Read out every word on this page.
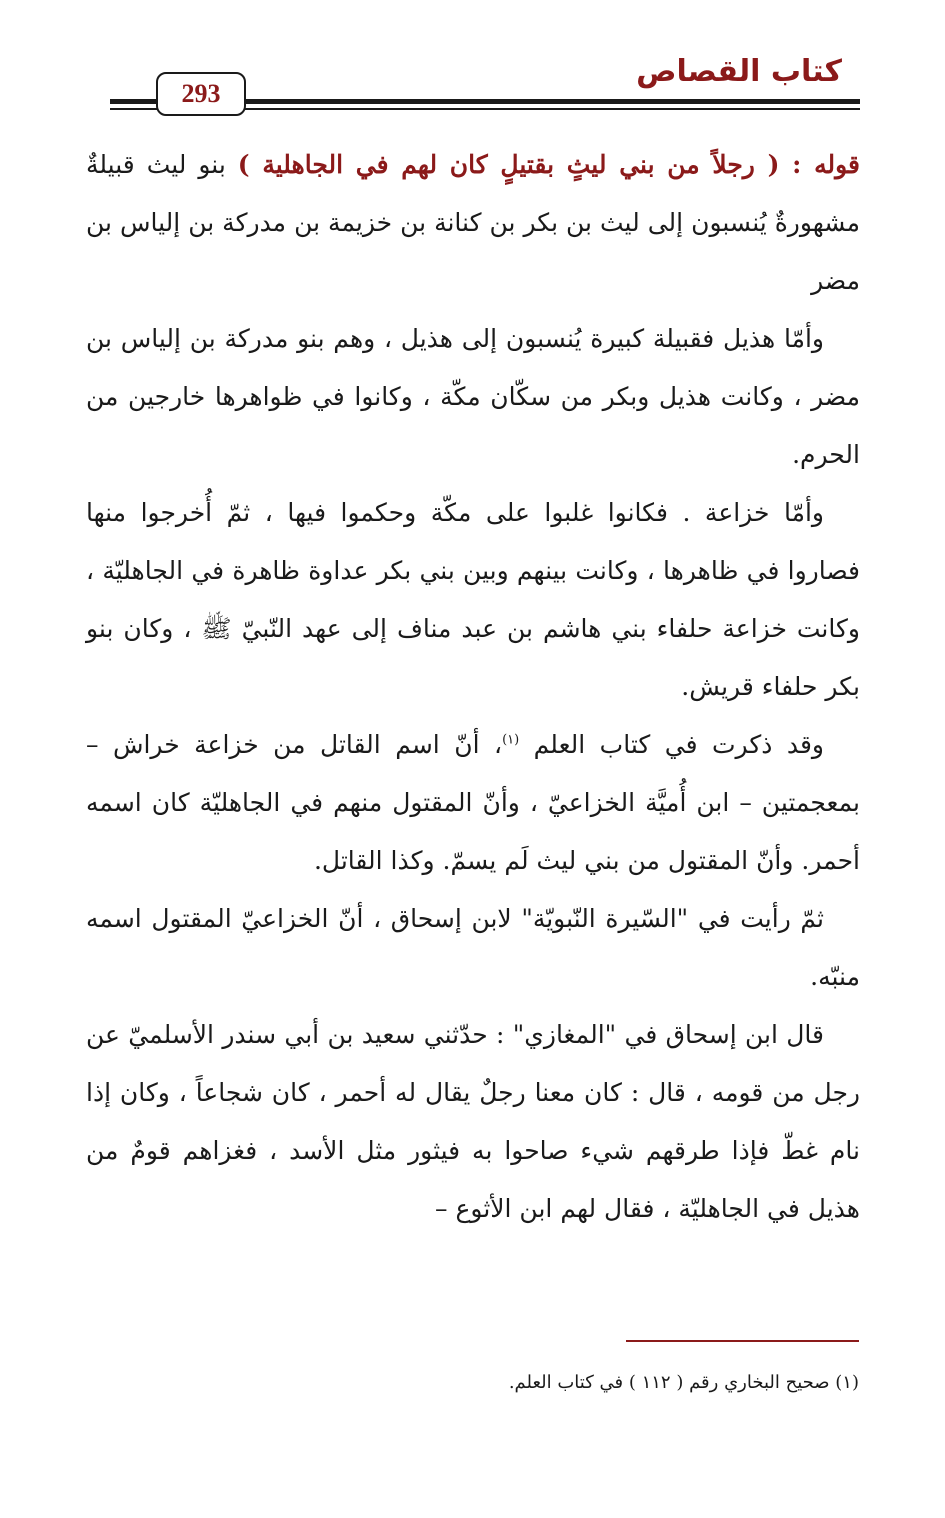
كتاب القصاص
293

قوله : ( رجلاً من بني ليثٍ بقتيلٍ كان لهم في الجاهلية ) بنو ليث قبيلةٌ مشهورةٌ يُنسبون إلى ليث بن بكر بن كنانة بن خزيمة بن مدركة بن إلياس بن مضر

وأمّا هذيل فقبيلة كبيرة يُنسبون إلى هذيل ، وهم بنو مدركة بن إلياس بن مضر ، وكانت هذيل وبكر من سكّان مكّة ، وكانوا في ظواهرها خارجين من الحرم.

وأمّا خزاعة . فكانوا غلبوا على مكّة وحكموا فيها ، ثمّ أُخرجوا منها فصاروا في ظاهرها ، وكانت بينهم وبين بني بكر عداوة ظاهرة في الجاهليّة ، وكانت خزاعة حلفاء بني هاشم بن عبد مناف إلى عهد النّبيّ ﷺ ، وكان بنو بكر حلفاء قريش.

وقد ذكرت في كتاب العلم $^{(١)}$، أنّ اسم القاتل من خزاعة خراش – بمعجمتين – ابن أُميَّة الخزاعيّ ، وأنّ المقتول منهم في الجاهليّة كان اسمه أحمر. وأنّ المقتول من بني ليث لَم يسمّ. وكذا القاتل.

ثمّ رأيت في "السّيرة النّبويّة" لابن إسحاق ، أنّ الخزاعيّ المقتول اسمه منبّه.

قال ابن إسحاق في "المغازي" : حدّثني سعيد بن أبي سندر الأسلميّ عن رجل من قومه ، قال : كان معنا رجلٌ يقال له أحمر ، كان شجاعاً ، وكان إذا نام غطّ فإذا طرقهم شيء صاحوا به فيثور مثل الأسد ، فغزاهم قومٌ من هذيل في الجاهليّة ، فقال لهم ابن الأثوع –

(١) صحيح البخاري رقم ( ١١٢ ) في كتاب العلم.
